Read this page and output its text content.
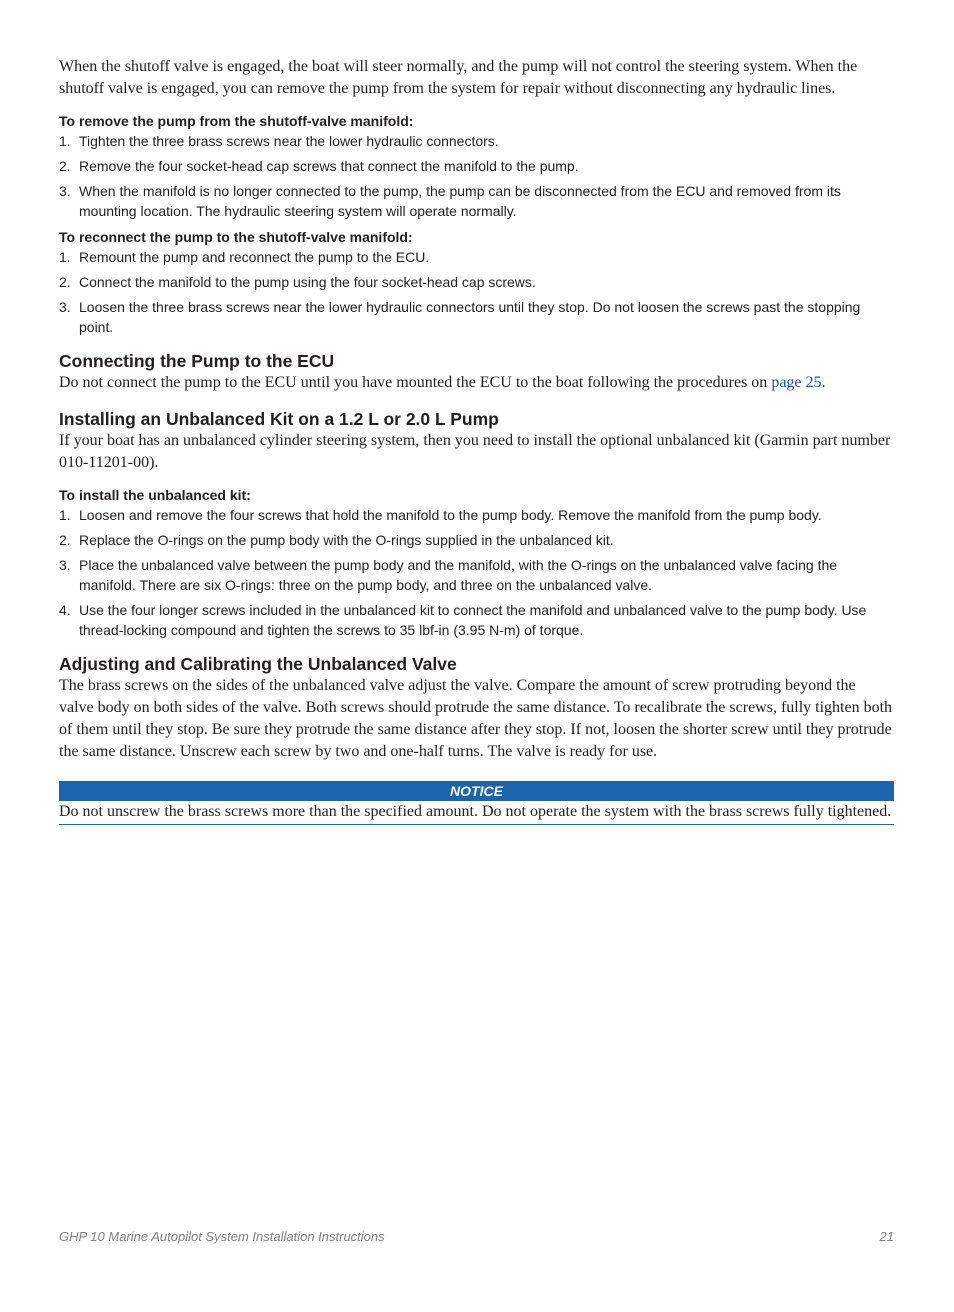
When the shutoff valve is engaged, the boat will steer normally, and the pump will not control the steering system. When the shutoff valve is engaged, you can remove the pump from the system for repair without disconnecting any hydraulic lines.

To remove the pump from the shutoff-valve manifold:

1. Tighten the three brass screws near the lower hydraulic connectors.
2. Remove the four socket-head cap screws that connect the manifold to the pump.
3. When the manifold is no longer connected to the pump, the pump can be disconnected from the ECU and removed from its mounting location. The hydraulic steering system will operate normally.

To reconnect the pump to the shutoff-valve manifold:

1. Remount the pump and reconnect the pump to the ECU.
2. Connect the manifold to the pump using the four socket-head cap screws.
3. Loosen the three brass screws near the lower hydraulic connectors until they stop. Do not loosen the screws past the stopping point.
Connecting the Pump to the ECU

Do not connect the pump to the ECU until you have mounted the ECU to the boat following the procedures on page 25.

Installing an Unbalanced Kit on a 1.2 L or 2.0 L Pump

If your boat has an unbalanced cylinder steering system, then you need to install the optional unbalanced kit (Garmin part number 010-11201-00).

To install the unbalanced kit:

1. Loosen and remove the four screws that hold the manifold to the pump body. Remove the manifold from the pump body.
2. Replace the O-rings on the pump body with the O-rings supplied in the unbalanced kit.
3. Place the unbalanced valve between the pump body and the manifold, with the O-rings on the unbalanced valve facing the manifold. There are six O-rings: three on the pump body, and three on the unbalanced valve.
4. Use the four longer screws included in the unbalanced kit to connect the manifold and unbalanced valve to the pump body. Use thread-locking compound and tighten the screws to 35 lbf-in (3.95 N-m) of torque.
Adjusting and Calibrating the Unbalanced Valve

The brass screws on the sides of the unbalanced valve adjust the valve. Compare the amount of screw protruding beyond the valve body on both sides of the valve. Both screws should protrude the same distance. To recalibrate the screws, fully tighten both of them until they stop. Be sure they protrude the same distance after they stop. If not, loosen the shorter screw until they protrude the same distance. Unscrew each screw by two and one-half turns. The valve is ready for use.

NOTICE
Do not unscrew the brass screws more than the specified amount. Do not operate the system with the brass screws fully tightened.
GHP 10 Marine Autopilot System Installation Instructions	21
